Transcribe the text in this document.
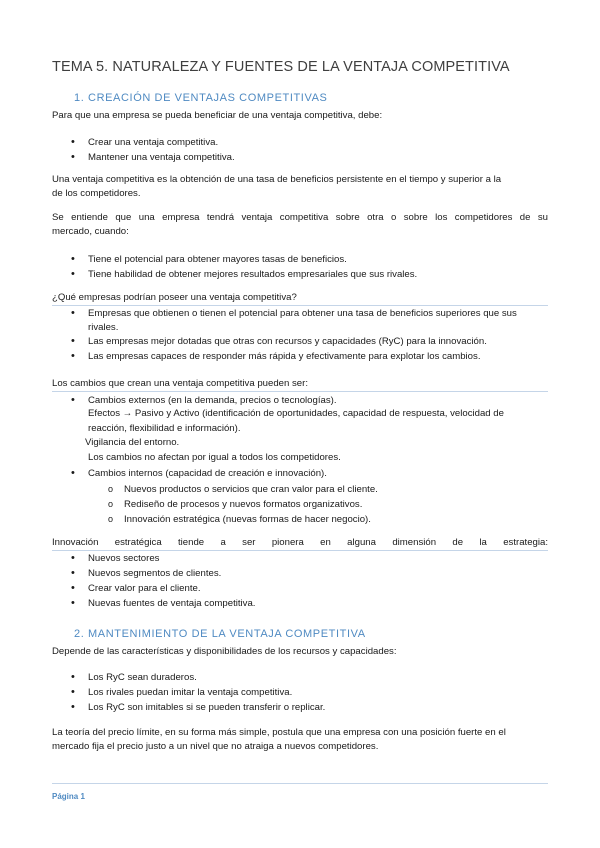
TEMA 5. NATURALEZA Y FUENTES DE LA VENTAJA COMPETITIVA
1. CREACIÓN DE VENTAJAS COMPETITIVAS
Para que una empresa se pueda beneficiar de una ventaja competitiva, debe:
• Crear una ventaja competitiva.
• Mantener una ventaja competitiva.
Una ventaja competitiva es la obtención de una tasa de beneficios persistente en el tiempo y superior a la
de los competidores.
Se entiende que una empresa tendrá ventaja competitiva sobre otra o sobre los competidores de su
mercado, cuando:
• Tiene el potencial para obtener mayores tasas de beneficios.
• Tiene habilidad de obtener mejores resultados empresariales que sus rivales.
¿Qué empresas podrían poseer una ventaja competitiva?
• Empresas que obtienen o tienen el potencial para obtener una tasa de beneficios superiores que sus rivales.
• Las empresas mejor dotadas que otras con recursos y capacidades (RyC) para la innovación.
• Las empresas capaces de responder más rápida y efectivamente para explotar los cambios.
Los cambios que crean una ventaja competitiva pueden ser:
• Cambios externos (en la demanda, precios o tecnologías).
Efectos → Pasivo y Activo (identificación de oportunidades, capacidad de respuesta, velocidad de
reacción, flexibilidad e información).
Vigilancia del entorno.
Los cambios no afectan por igual a todos los competidores.
• Cambios internos (capacidad de creación e innovación).
o Nuevos productos o servicios que cran valor para el cliente.
o Rediseño de procesos y nuevos formatos organizativos.
o Innovación estratégica (nuevas formas de hacer negocio).
Innovación estratégica tiende a ser pionera en alguna dimensión de la estrategia:
• Nuevos sectores
• Nuevos segmentos de clientes.
• Crear valor para el cliente.
• Nuevas fuentes de ventaja competitiva.
2. MANTENIMIENTO DE LA VENTAJA COMPETITIVA
Depende de las características y disponibilidades de los recursos y capacidades:
• Los RyC sean duraderos.
• Los rivales puedan imitar la ventaja competitiva.
• Los RyC son imitables si se pueden transferir o replicar.
La teoría del precio límite, en su forma más simple, postula que una empresa con una posición fuerte en el
mercado fija el precio justo a un nivel que no atraiga a nuevos competidores.
Página 1
